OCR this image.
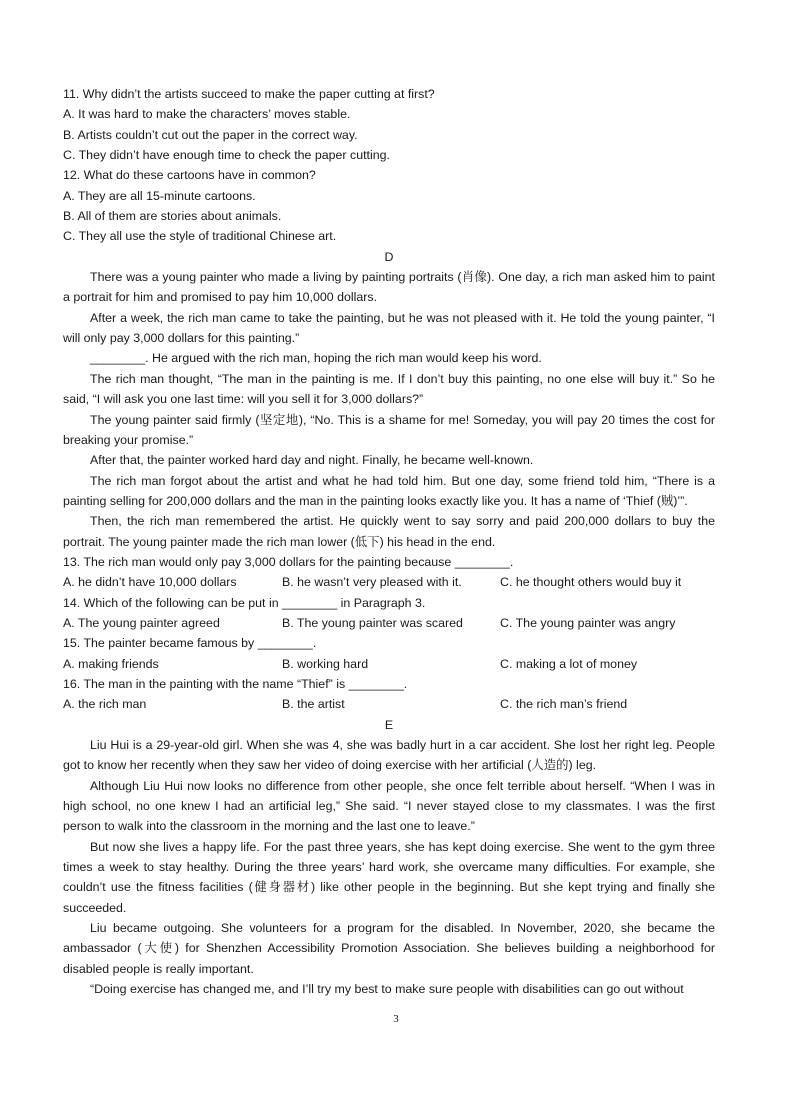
11. Why didn’t the artists succeed to make the paper cutting at first?
A. It was hard to make the characters’ moves stable.
B. Artists couldn’t cut out the paper in the correct way.
C. They didn’t have enough time to check the paper cutting.
12. What do these cartoons have in common?
A. They are all 15-minute cartoons.
B. All of them are stories about animals.
C. They all use the style of traditional Chinese art.
D

There was a young painter who made a living by painting portraits (肖像). One day, a rich man asked him to paint a portrait for him and promised to pay him 10,000 dollars.

After a week, the rich man came to take the painting, but he was not pleased with it. He told the young painter, “I will only pay 3,000 dollars for this painting.”

________. He argued with the rich man, hoping the rich man would keep his word.

The rich man thought, “The man in the painting is me. If I don’t buy this painting, no one else will buy it.” So he said, “I will ask you one last time: will you sell it for 3,000 dollars?”

The young painter said firmly (坚定地), “No. This is a shame for me! Someday, you will pay 20 times the cost for breaking your promise.”

After that, the painter worked hard day and night. Finally, he became well-known.

The rich man forgot about the artist and what he had told him. But one day, some friend told him, “There is a painting selling for 200,000 dollars and the man in the painting looks exactly like you. It has a name of ‘Thief (贼)’”.

Then, the rich man remembered the artist. He quickly went to say sorry and paid 200,000 dollars to buy the portrait. The young painter made the rich man lower (低下) his head in the end.

13. The rich man would only pay 3,000 dollars for the painting because ________.
A. he didn’t have 10,000 dollars	B. he wasn’t very pleased with it.	C. he thought others would buy it
14. Which of the following can be put in ________ in Paragraph 3.
A. The young painter agreed	B. The young painter was scared	C. The young painter was angry
15. The painter became famous by ________.
A. making friends	B. working hard	C. making a lot of money
16. The man in the painting with the name “Thief” is ________.
A. the rich man	B. the artist	C. the rich man’s friend
E

Liu Hui is a 29-year-old girl. When she was 4, she was badly hurt in a car accident. She lost her right leg. People got to know her recently when they saw her video of doing exercise with her artificial (人造的) leg.

Although Liu Hui now looks no difference from other people, she once felt terrible about herself. “When I was in high school, no one knew I had an artificial leg,” She said. “I never stayed close to my classmates. I was the first person to walk into the classroom in the morning and the last one to leave.”

But now she lives a happy life. For the past three years, she has kept doing exercise. She went to the gym three times a week to stay healthy. During the three years’ hard work, she overcame many difficulties. For example, she couldn’t use the fitness facilities (健身器材) like other people in the beginning. But she kept trying and finally she succeeded.

Liu became outgoing. She volunteers for a program for the disabled. In November, 2020, she became the ambassador (大使) for Shenzhen Accessibility Promotion Association. She believes building a neighborhood for disabled people is really important.

“Doing exercise has changed me, and I’ll try my best to make sure people with disabilities can go out without

3
